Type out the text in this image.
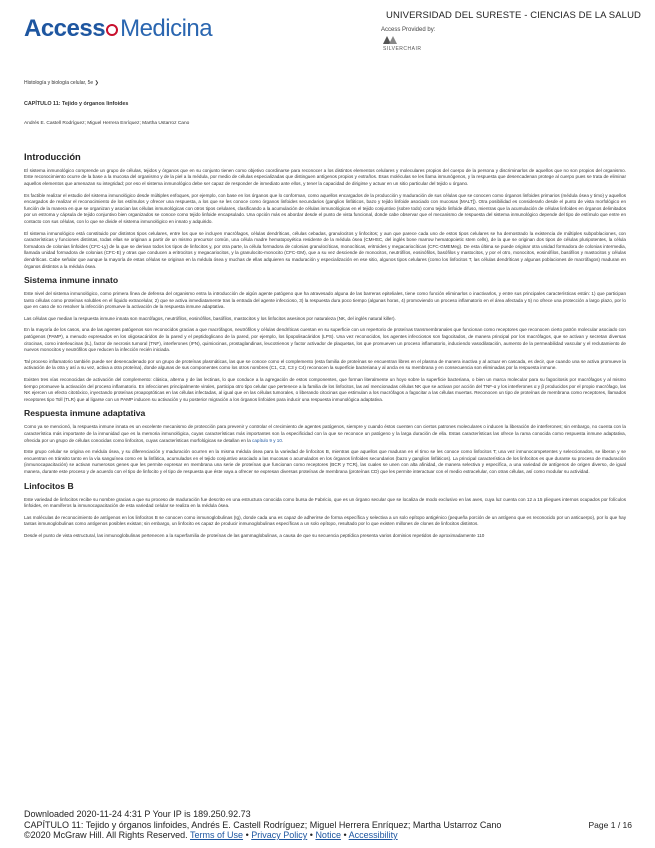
Access Medicina	UNIVERSIDAD DEL SURESTE - CIENCIAS DE LA SALUD
Access Provided by:
SILVERCHAIR
Histología y biología celular, 5e ❯
CAPÍTULO 11: Tejido y órganos linfoides
Andrés E. Castell Rodríguez; Miguel Herrera Enríquez; Martha Ustarroz Cano
Introducción

El sistema inmunológico comprende un grupo de células, tejidos y órganos que en su conjunto tienen como objetivo coordinarse para reconocer a los distintos elementos celulares y moleculares propios del cuerpo de la persona y discriminarlos de aquellos que no son propios del organismo. Este reconocimiento ocurre de la base a la mucosa del organismo y de la piel a la médula, por medio de células especializadas que distinguen antígenos propios y extraños. Esas moléculas se les llama inmunógenos, y la respuesta que desencadenan protege al cuerpo pues se trata de eliminar aquellos elementos que amenazan su integridad; por eso el sistema inmunológico debe ser capaz de responder de inmediato ante ellos, y tener la capacidad de dirigirse y actuar en un sitio particular del tejido u órgano.

Es factible realizar el estudio del sistema inmunológico desde múltiples enfoques, por ejemplo, con base en los órganos que lo conforman, como aquellos encargados de la producción y maduración de sus células que se conocen como órganos linfoides primarios (médula ósea y timo) y aquellos encargados de realizar el reconocimiento de los estímulos y ofrecer una respuesta, a los que se les conoce como órganos linfoides secundarios (ganglios linfáticos, bazo y tejido linfoide asociado con mucosas [MALT]). Otra posibilidad es considerarlo desde el punto de vista morfológico en función de la manera en que se organizan y asocian las células inmunológicas con otros tipos celulares, clasificando a la acumulación de células inmunológicas en el tejido conjuntivo (sobre todo) como tejido linfoide difuso, mientras que la acumulación de células linfoides en órganos delimitados por un estroma y cápsula de tejido conjuntivo bien organizados se conoce como tejido linfoide encapsulado. Una opción más es abordar desde el punto de vista funcional, donde cabe observar que el mecanismo de respuesta del sistema inmunológico depende del tipo de estímulo que entre en contacto con sus células, con lo que se divide el sistema inmunológico en innato y adquirido.

El sistema inmunológico está constituido por distintos tipos celulares, entre los que se incluyen macrófagos, células dendríticas, células cebadas, granulocitos y linfocitos; y aun que parece cada uno de estos tipos celulares se ha demostrado la existencia de múltiples subpoblaciones, con características y funciones distintas, todas ellas se originan a partir de un mismo precursor común, una célula madre hematopoyética residente de la médula ósea (CMHSC, del inglés bone marrow hematopoietic stem cells), de la que se originan dos tipos de células pluripotentes, la célula formadora de colonias linfoides (CFC-Ly) de la que se derivan todos los tipos de linfocitos y, por otra parte, la célula formadora de colonias granulocíticas, monocíticas, eritroides y megacariocíticas (CFC-GMEMeg). De esta última se puede originar otra unidad formadora de colonias intermedia, llamada unidad formadora de colonias (CFC-E) y otras que conducen a eritrocitos y megacariocitos, y la granulocito-monocito (CFC-GM), que a su vez desciende de monocitos, neutrófilos, eosinófilos, basófilos y mastocitos, y por el otro, monocitos, eosinófilos, basófilos y mastocitos y células dendríticas. Cabe señalar que aunque la mayoría de estas células se originan en la médula ósea y muchas de ellas adquieren su maduración y especialización en ese sitio, algunos tipos celulares (como los linfocitos T, las células dendríticas y algunas poblaciones de macrófagos) maduran en órganos distintos a la médula ósea.

Sistema inmune innato

Este nivel del sistema inmunológico, como primera línea de defensa del organismo entra la introducción de algún agente patógeno que ha atravesado alguna de las barreras epiteliales, tiene como función eliminarlos o inactivarlos, y entre sus principales características están: 1) que participan tanto células como proteínas solubles en el líquido extracelular, 2) que se activa inmediatamente tras la entrada del agente infeccioso, 3) la respuesta dura poco tiempo (algunas horas, 4) promoviendo un proceso inflamatorio en el área afectada y 5) no ofrece una protección a largo plazo, por lo que en caso de no resolver la infección promueve la activación de la respuesta inmune adaptativa.

Las células que median la respuesta inmune innata son macrófagos, neutrófilos, eosinófilos, basófilos, mastocitos y los linfocitos asesinos por naturaleza (NK, del inglés natural killer).

En la mayoría de los casos, una de las agentes patógenos son reconocidos gracias a que macrófagos, neutrófilos y células dendríticas cuentan en su superficie con un repertorio de proteínas transmembranales que funcionan como receptores que reconocen cierto patrón molecular asociado con patógenos (PAMP), a menudo expresados en los oligosacáridos de la pared y el peptidoglicano de la pared, por ejemplo, los lipopolisacáridos (LPS). Una vez reconocidos, los agentes infecciosos son fagocitados, de manera principal por los macrófagos, que se activan y secretan diversas citocinas, como interleucinas (IL), factor de necrosis tumoral (TNF), interferones (IFN), quimiocinas, prostaglandinas, leucotrienos y factor activador de plaquetas, los que promueven un proceso inflamatorio, induciendo vasodilatación, aumento de la permeabilidad vascular y el reclutamiento de nuevos monocitos y neutrófilos que reducen la infección recién iniciada.

Tal proceso inflamatorio también puede ser desencadenado por un grupo de proteínas plasmáticas, las que se conoce como el complemento (esta familia de proteínas se encuentran libres en el plasma de manera inactiva y al actuar en cascada, es decir, que cuando una se activa promueve la activación de la otra y así a su vez, activa a otra proteína), donde algunas de sus componentes como los otros nombres (C1, C2, C3 y C4) reconocen la superficie bacteriana y al ancla en su membrana y en consecuencia son eliminadas por la respuesta inmune.

Existen tres vías reconocidas de activación del complemento: clásica, alterna y de las lectinas, lo que conduce a la agregación de estos componentes, que forman literalmente un hoyo sobre la superficie bacteriana, o bien un marca molecular para su fagocitosis por macrófagos y al mismo tiempo promueve la activación del proceso inflamatorio. En infecciones principalmente virales, participa otro tipo celular que pertenece a la familia de los linfocitos, las así mencionadas células NK que se activan por acción del TNF-α y los interferones α y β producidos por el propio macrófago, las NK ejercen un efecto citotóxico, inyectando proteínas proapoptóticas en las células infectadas, al igual que en las células tumorales, o liberando citocinas que estimulan a los macrófagos a fagocitar a las células muertas. Reconocen un tipo de proteínas de membrana como receptores, llamados receptores tipo Toll (TLR) que al ligarse con un PAMP inducen su activación y su posterior migración a los órganos linfoides para inducir una respuesta inmunológica adaptativa.

Respuesta inmune adaptativa

Como ya se mencionó, la respuesta inmune innata es un excelente mecanismo de protección para prevenir y controlar el crecimiento de agentes patógenos, siempre y cuando éstos cuenten con ciertos patrones moleculares o inducen la liberación de interferones; sin embargo, no cuenta con la característica más importante de la inmunidad que es la memoria inmunológica, cuyas características más importantes son la especificidad con la que se reconoce un patógeno y la larga duración de ella. Estas características las ofrece la rama conocida como respuesta inmune adaptativa, ofrecida por un grupo de células conocidas como linfocitos, cuyas características morfológicas se detallan en la capítulo 9 y 10.

Este grupo celular se origina en médula ósea, y su diferenciación y maduración ocurren en la misma médula ósea para la variedad de linfocitos B, mientras que aquellos que maduran en el timo se les conoce como linfocitos T; una vez inmunocompetentes y seleccionados, se liberan y se encuentran en tránsito tanto en la vía sanguínea como en la linfática, acumulados en el tejido conjuntivo asociado a las mucosas o acumulados en los órganos linfoides secundarios (bazo y ganglios linfáticos). La principal característica de los linfocitos es que durante su proceso de maduración (inmunocapacitación) se activan numerosos genes que les permite expresar en membrana una serie de proteínas que funcionan como receptores (BCR y TCR), las cuales se unen con alta afinidad, de manera selectiva y específica, a una variedad de antígenos de origen diverso, de igual manera, durante este proceso y de acuerdo con el tipo de linfocito y el tipo de respuesta que éste vaya a ofrecer se expresan diversas proteínas de membrana (proteínas CD) que les permite interactuar con el medio extracelular, con otras células, así como modular su actividad.

Linfocitos B

Este variedad de linfocitos recibe su nombre gracias a que su proceso de maduración fue descrito en una estructura conocida como bursa de Fabricio, que es un órgano secular que se localiza de modo exclusivo en las aves, cuya luz cuenta con 12 a 15 pliegues internos ocupados por folículos linfoides, en mamíferos la inmunocapacitación de esta variedad celular se realiza en la médula ósea.

Las moléculas de reconocimiento de antígenos en los linfocitos B se conocen como inmunoglobulinas (Ig), donde cada una es capaz de adherirse de forma específica y selectiva a un solo epítopo antigénico (pequeña porción de un antígeno que es reconocido por un anticuerpo), por lo que hay tantas inmunoglobulinas como antígenos posibles existan; sin embargo, un linfocito es capaz de producir inmunoglobulinas específicas a un solo epítopo, resultado por lo que existen millones de clones de linfocitos distintos.

Desde el punto de vista estructural, las inmunoglobulinas pertenecen a la superfamilia de proteínas de las gammaglobulinas, a causa de que su secuencia peptídica presenta varios dominios repetidos de aproximadamente 110

Downloaded 2020-11-24 4:31 P Your IP is 189.250.92.73
CAPÍTULO 11: Tejido y órganos linfoides, Andrés E. Castell Rodríguez; Miguel Herrera Enríquez; Martha Ustarroz Cano	Page 1 / 16
©2020 McGraw Hill. All Rights Reserved. Terms of Use • Privacy Policy • Notice • Accessibility
